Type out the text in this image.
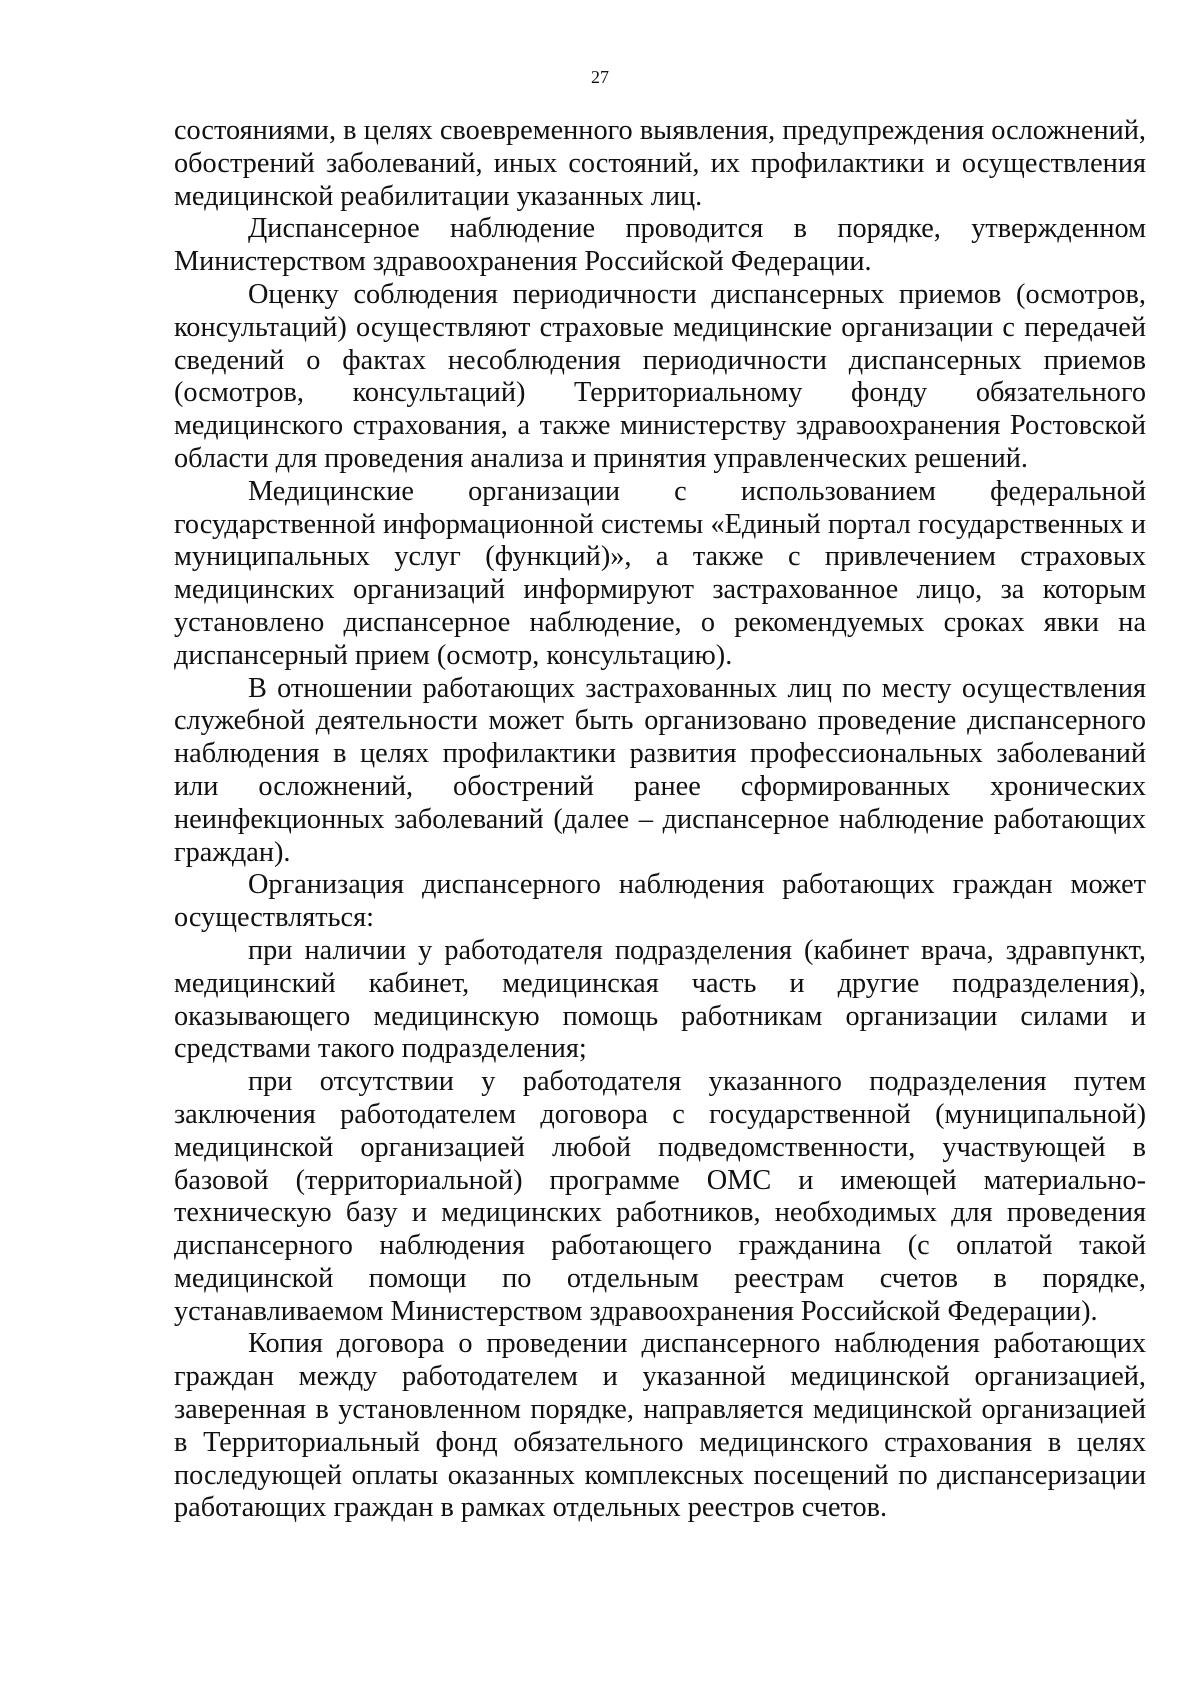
27

состояниями, в целях своевременного выявления, предупреждения осложнений, обострений заболеваний, иных состояний, их профилактики и осуществления медицинской реабилитации указанных лиц.

Диспансерное наблюдение проводится в порядке, утвержденном Министерством здравоохранения Российской Федерации.

Оценку соблюдения периодичности диспансерных приемов (осмотров, консультаций) осуществляют страховые медицинские организации с передачей сведений о фактах несоблюдения периодичности диспансерных приемов (осмотров, консультаций) Территориальному фонду обязательного медицинского страхования, а также министерству здравоохранения Ростовской области для проведения анализа и принятия управленческих решений.

Медицинские организации с использованием федеральной государственной информационной системы «Единый портал государственных и муниципальных услуг (функций)», а также с привлечением страховых медицинских организаций информируют застрахованное лицо, за которым установлено диспансерное наблюдение, о рекомендуемых сроках явки на диспансерный прием (осмотр, консультацию).

В отношении работающих застрахованных лиц по месту осуществления служебной деятельности может быть организовано проведение диспансерного наблюдения в целях профилактики развития профессиональных заболеваний или осложнений, обострений ранее сформированных хронических неинфекционных заболеваний (далее – диспансерное наблюдение работающих граждан).

Организация диспансерного наблюдения работающих граждан может осуществляться:

при наличии у работодателя подразделения (кабинет врача, здравпункт, медицинский кабинет, медицинская часть и другие подразделения), оказывающего медицинскую помощь работникам организации силами и средствами такого подразделения;

при отсутствии у работодателя указанного подразделения путем заключения работодателем договора с государственной (муниципальной) медицинской организацией любой подведомственности, участвующей в базовой (территориальной) программе ОМС и имеющей материально-техническую базу и медицинских работников, необходимых для проведения диспансерного наблюдения работающего гражданина (с оплатой такой медицинской помощи по отдельным реестрам счетов в порядке, устанавливаемом Министерством здравоохранения Российской Федерации).

Копия договора о проведении диспансерного наблюдения работающих граждан между работодателем и указанной медицинской организацией, заверенная в установленном порядке, направляется медицинской организацией в Территориальный фонд обязательного медицинского страхования в целях последующей оплаты оказанных комплексных посещений по диспансеризации работающих граждан в рамках отдельных реестров счетов.
